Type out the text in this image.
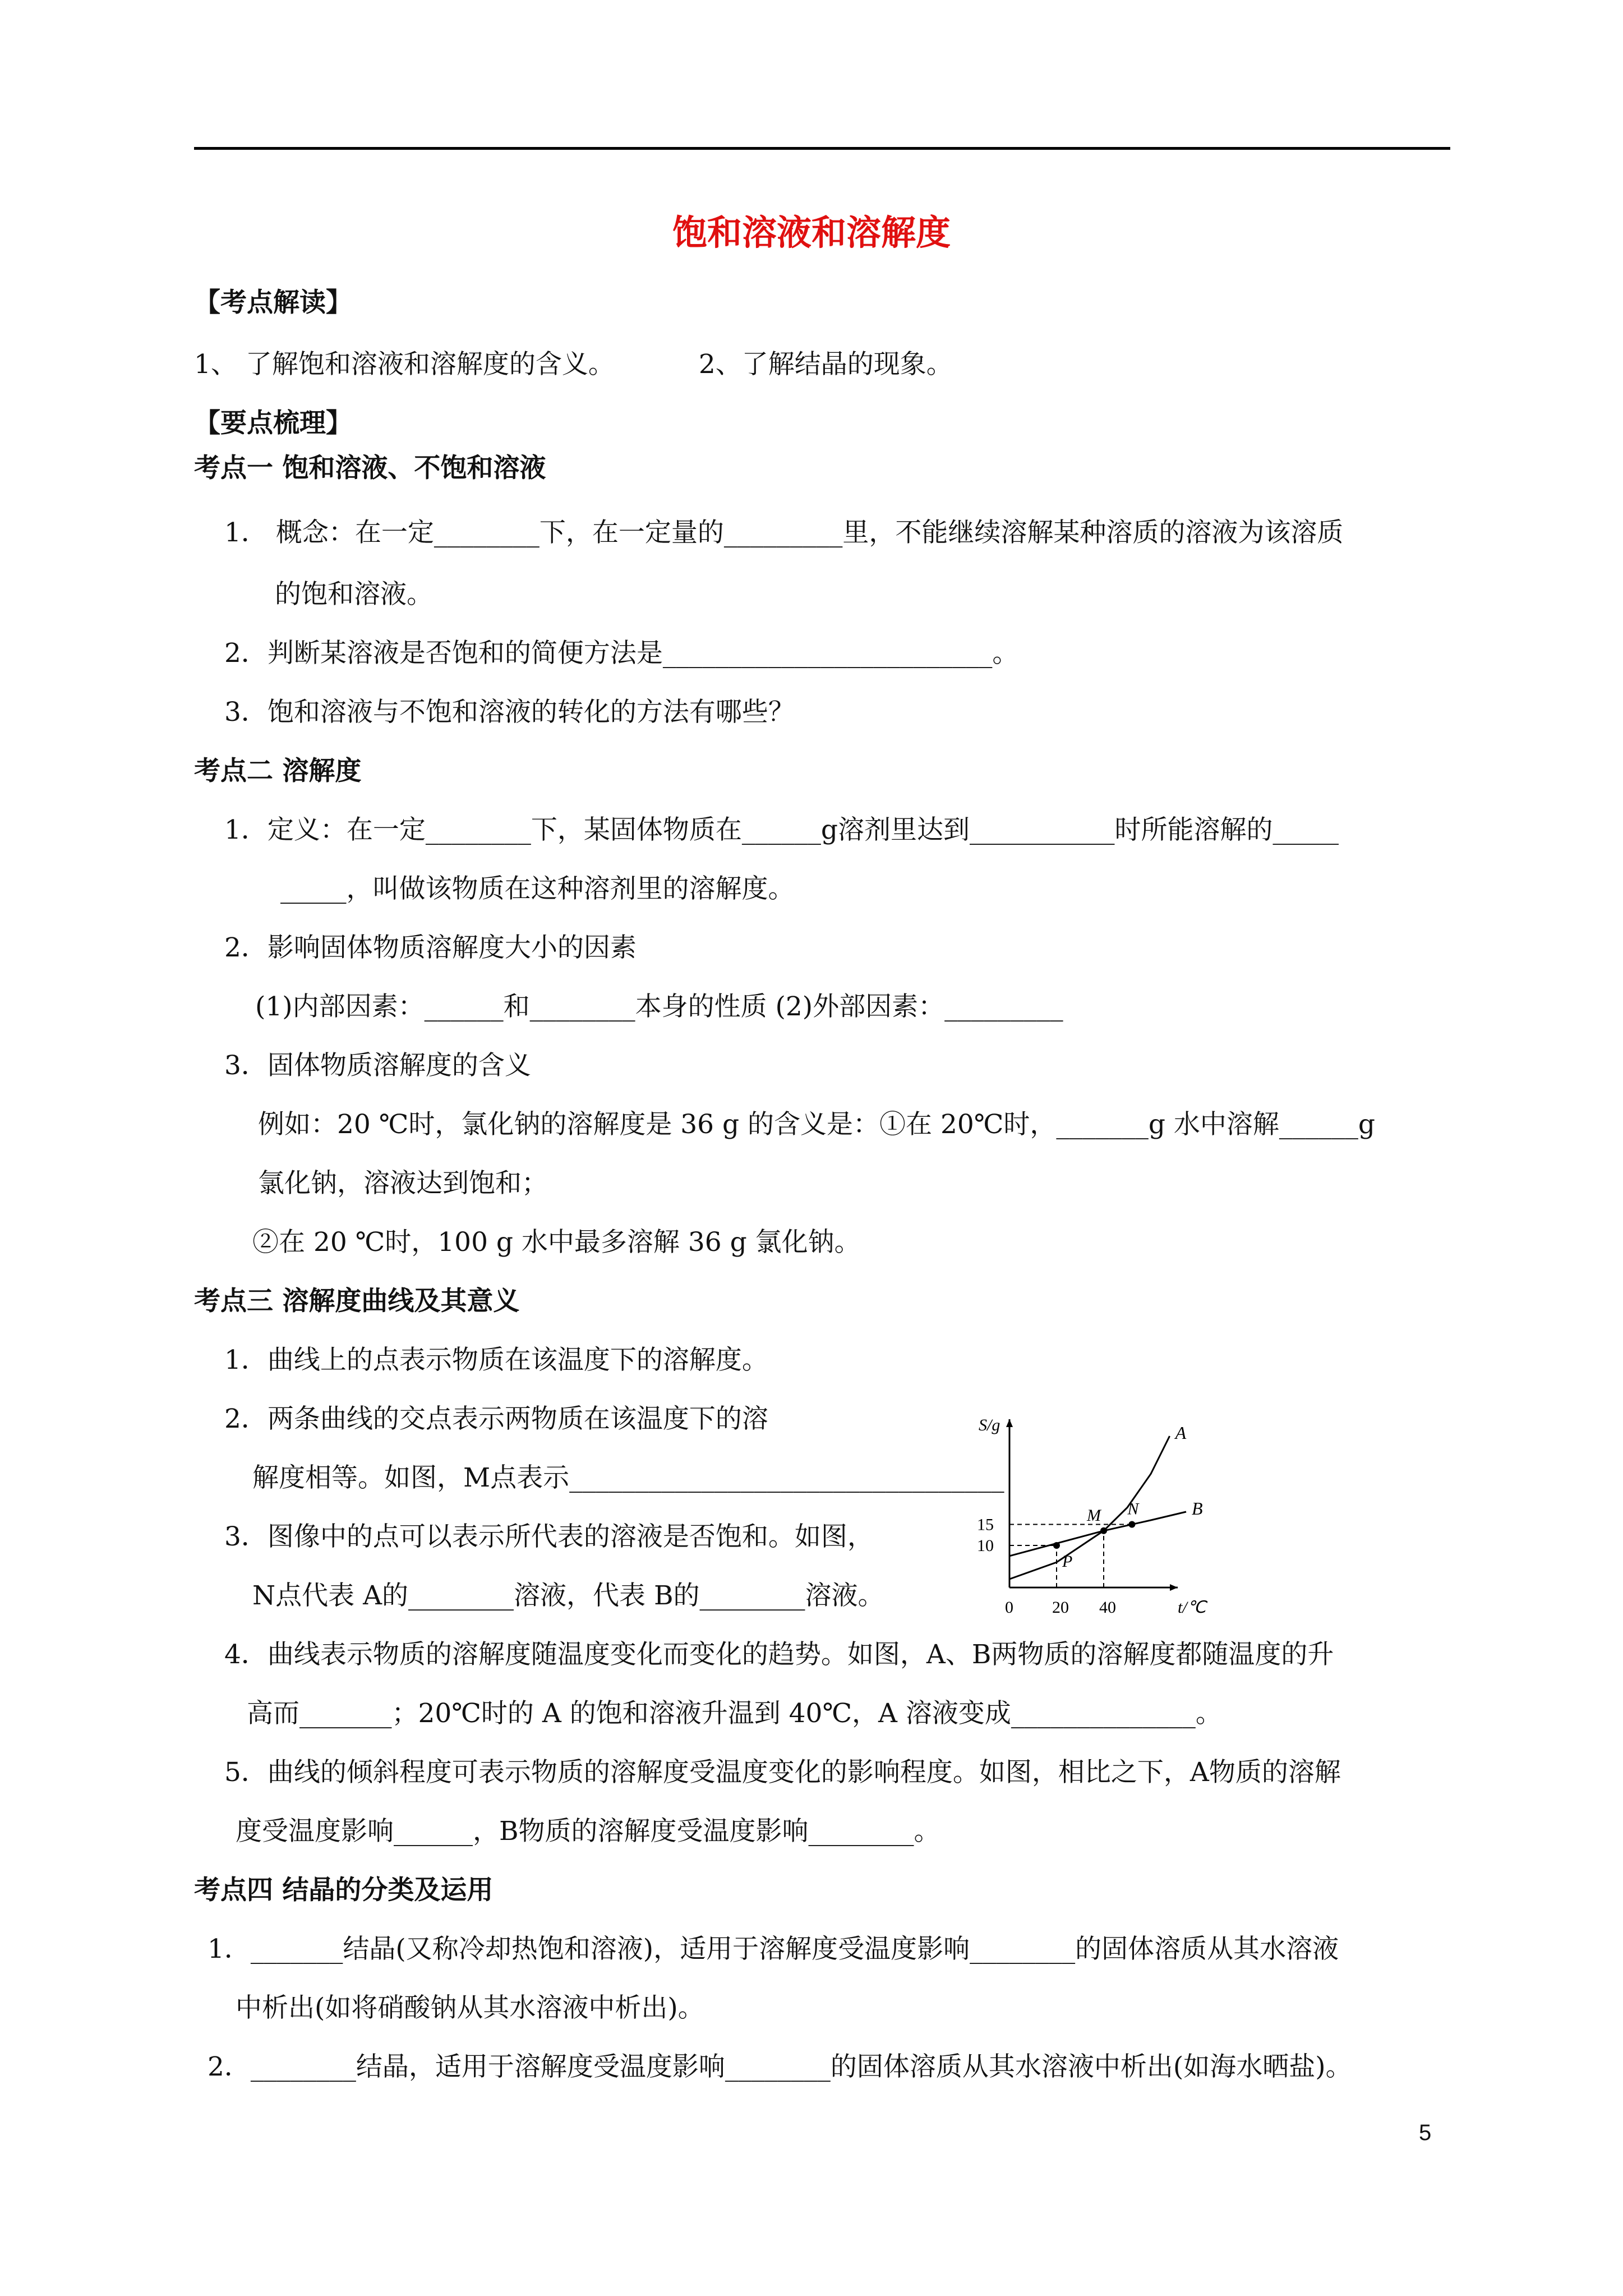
饱和溶液和溶解度
【考点解读】
1、 了解饱和溶液和溶解度的含义。	2、了解结晶的现象。
【要点梳理】
考点一 饱和溶液、不饱和溶液
1． 概念：在一定________下，在一定量的_________里，不能继续溶解某种溶质的溶液为该溶质
的饱和溶液。
2．判断某溶液是否饱和的简便方法是_________________________。
3．饱和溶液与不饱和溶液的转化的方法有哪些？
考点二 溶解度
1．定义：在一定________下，某固体物质在______g溶剂里达到___________时所能溶解的_____
_____，叫做该物质在这种溶剂里的溶解度。
2．影响固体物质溶解度大小的因素
(1)内部因素：______和________本身的性质 (2)外部因素：_________
3．固体物质溶解度的含义
例如：20 ℃时，氯化钠的溶解度是 36 g 的含义是：①在 20℃时，_______g 水中溶解______g
氯化钠，溶液达到饱和；
②在 20 ℃时，100 g 水中最多溶解 36 g 氯化钠。
考点三 溶解度曲线及其意义
1．曲线上的点表示物质在该温度下的溶解度。
2．两条曲线的交点表示两物质在该温度下的溶
解度相等。如图，M点表示_________________________________
3．图像中的点可以表示所代表的溶液是否饱和。如图，
N点代表 A的________溶液，代表 B的________溶液。
S/g
t/℃
0 20 40
10
15
A
B
M N
P
4．曲线表示物质的溶解度随温度变化而变化的趋势。如图，A、B两物质的溶解度都随温度的升
高而_______；20℃时的 A 的饱和溶液升温到 40℃，A 溶液变成______________。
5．曲线的倾斜程度可表示物质的溶解度受温度变化的影响程度。如图，相比之下，A物质的溶解
度受温度影响______，B物质的溶解度受温度影响________。
考点四 结晶的分类及运用
1．_______结晶(又称冷却热饱和溶液)，适用于溶解度受温度影响________的固体溶质从其水溶液
中析出(如将硝酸钠从其水溶液中析出)。
2．________结晶，适用于溶解度受温度影响________的固体溶质从其水溶液中析出(如海水晒盐)。
5
